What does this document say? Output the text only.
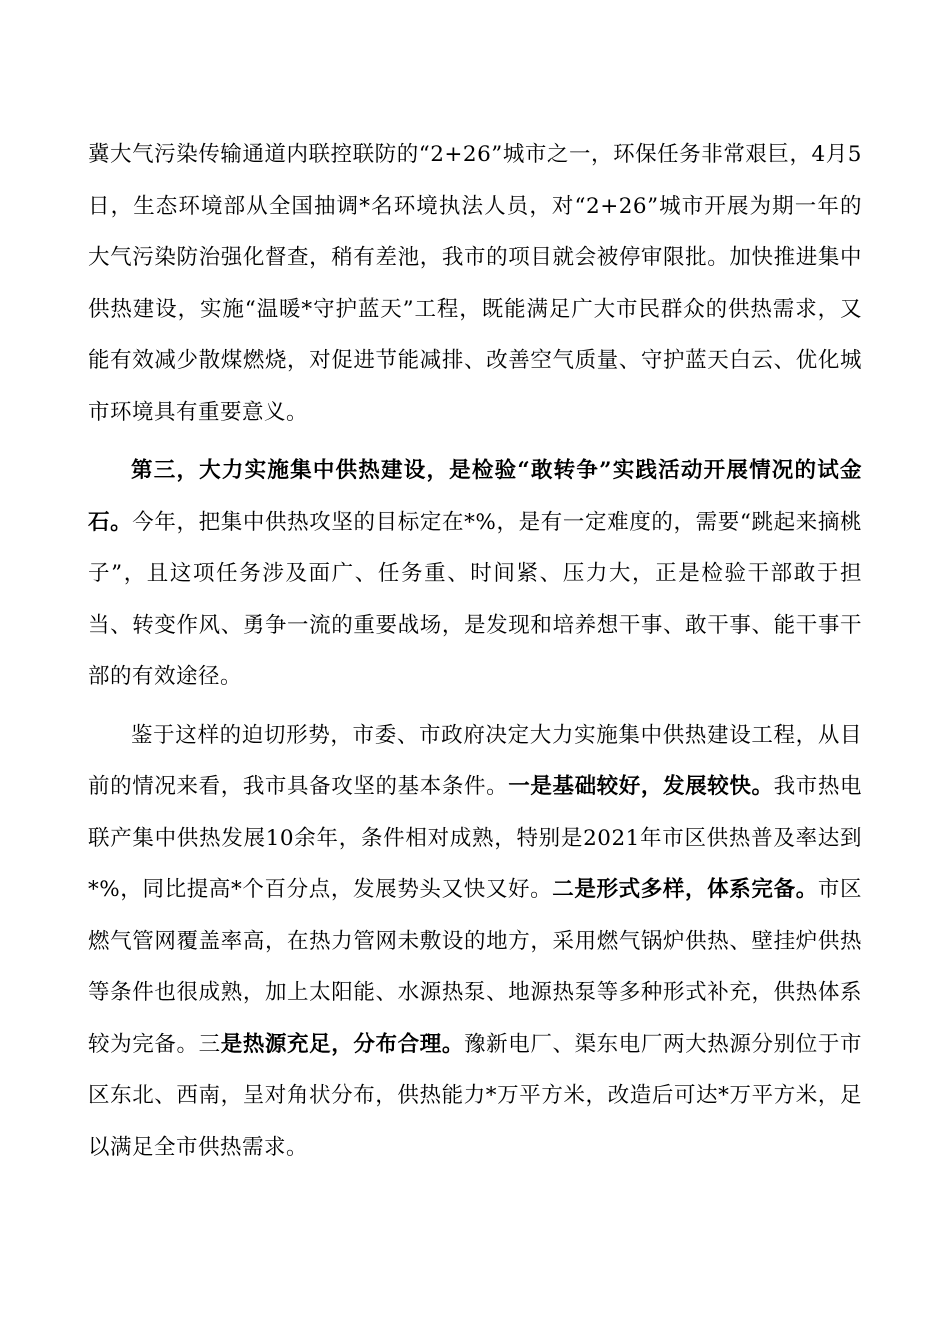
冀大气污染传输通道内联控联防的“2+26”城市之一，环保任务非常艰巨，4月5日，生态环境部从全国抽调*名环境执法人员，对“2+26”城市开展为期一年的大气污染防治强化督查，稍有差池，我市的项目就会被停审限批。加快推进集中供热建设，实施“温暖*守护蓝天”工程，既能满足广大市民群众的供热需求，又能有效减少散煤燃烧，对促进节能减排、改善空气质量、守护蓝天白云、优化城市环境具有重要意义。

第三，大力实施集中供热建设，是检验“敢转争”实践活动开展情况的试金石。今年，把集中供热攻坚的目标定在*%，是有一定难度的，需要“跳起来摘桃子”，且这项任务涉及面广、任务重、时间紧、压力大，正是检验干部敢于担当、转变作风、勇争一流的重要战场，是发现和培养想干事、敢干事、能干事干部的有效途径。

鉴于这样的迫切形势，市委、市政府决定大力实施集中供热建设工程，从目前的情况来看，我市具备攻坚的基本条件。一是基础较好，发展较快。我市热电联产集中供热发展10余年，条件相对成熟，特别是2021年市区供热普及率达到*%，同比提高*个百分点，发展势头又快又好。二是形式多样，体系完备。市区燃气管网覆盖率高，在热力管网未敷设的地方，采用燃气锅炉供热、壁挂炉供热等条件也很成熟，加上太阳能、水源热泵、地源热泵等多种形式补充，供热体系较为完备。三是热源充足，分布合理。豫新电厂、渠东电厂两大热源分别位于市区东北、西南，呈对角状分布，供热能力*万平方米，改造后可达*万平方米，足以满足全市供热需求。
